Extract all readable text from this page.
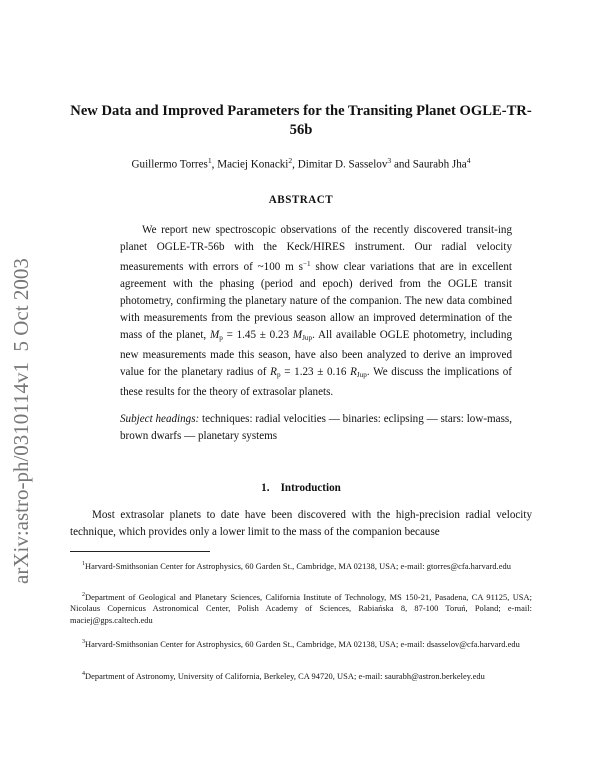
arXiv:astro-ph/0310114v1  5 Oct 2003
New Data and Improved Parameters for the Transiting Planet OGLE-TR-56b
Guillermo Torres$^1$, Maciej Konacki$^2$, Dimitar D. Sasselov$^3$ and Saurabh Jha$^4$
ABSTRACT

We report new spectroscopic observations of the recently discovered transit-ing planet OGLE-TR-56b with the Keck/HIRES instrument. Our radial velocity measurements with errors of ~100 m $s^{-1}$ show clear variations that are in excellent agreement with the phasing (period and epoch) derived from the OGLE transit photometry, confirming the planetary nature of the companion. The new data combined with measurements from the previous season allow an improved determination of the mass of the planet, $M_p = 1.45 \pm 0.23$ $M_{Jup}$. All available OGLE photometry, including new measurements made this season, have also been analyzed to derive an improved value for the planetary radius of $R_p = 1.23 \pm 0.16$ $R_{Jup}$. We discuss the implications of these results for the theory of extrasolar planets.

Subject headings: techniques: radial velocities — binaries: eclipsing — stars: low-mass, brown dwarfs — planetary systems

1. Introduction

Most extrasolar planets to date have been discovered with the high-precision radial velocity technique, which provides only a lower limit to the mass of the companion because

$^1$Harvard-Smithsonian Center for Astrophysics, 60 Garden St., Cambridge, MA 02138, USA; e-mail: gtorres@cfa.harvard.edu

$^2$Department of Geological and Planetary Sciences, California Institute of Technology, MS 150-21, Pasadena, CA 91125, USA; Nicolaus Copernicus Astronomical Center, Polish Academy of Sciences, Rabiańska 8, 87-100 Toruń, Poland; e-mail: maciej@gps.caltech.edu

$^3$Harvard-Smithsonian Center for Astrophysics, 60 Garden St., Cambridge, MA 02138, USA; e-mail: dsasselov@cfa.harvard.edu

$^4$Department of Astronomy, University of California, Berkeley, CA 94720, USA; e-mail: saurabh@astron.berkeley.edu
